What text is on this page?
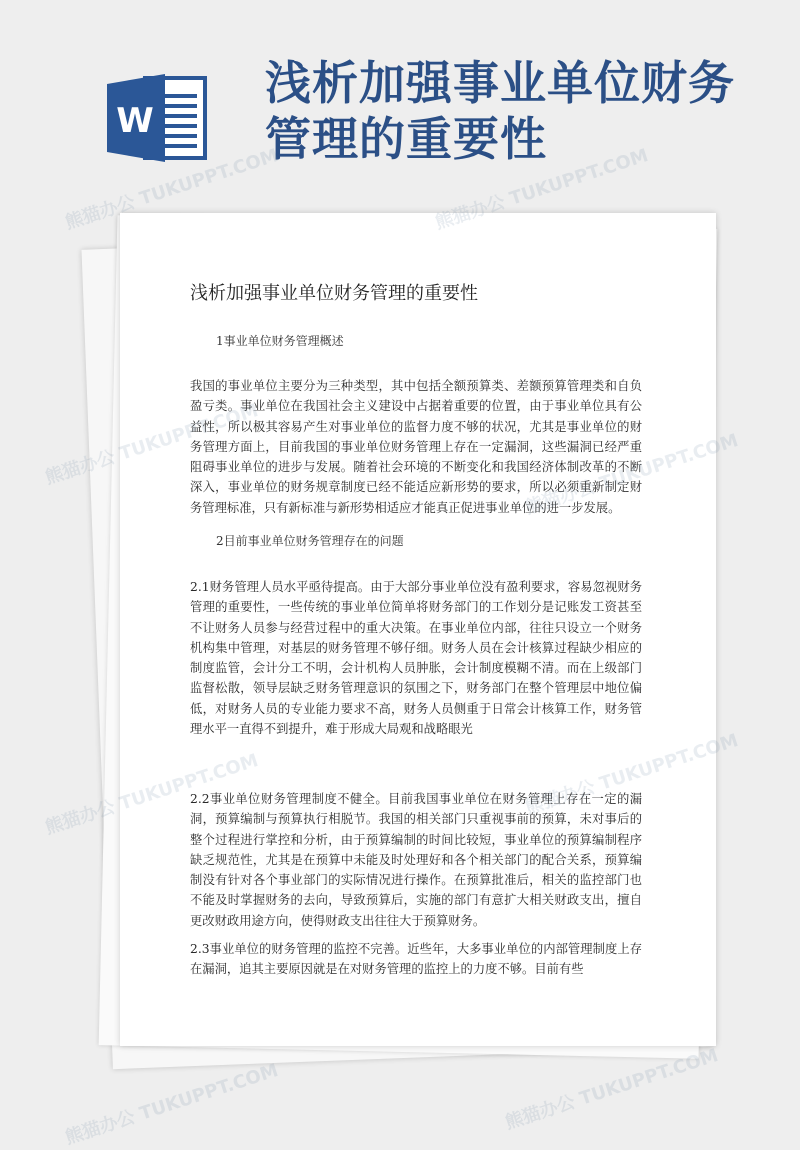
W
浅析加强事业单位财务管理的重要性
浅析加强事业单位财务管理的重要性

1事业单位财务管理概述

我国的事业单位主要分为三种类型，其中包括全额预算类、差额预算管理类和自负盈亏类。事业单位在我国社会主义建设中占据着重要的位置，由于事业单位具有公益性，所以极其容易产生对事业单位的监督力度不够的状况，尤其是事业单位的财务管理方面上，目前我国的事业单位财务管理上存在一定漏洞，这些漏洞已经严重阻碍事业单位的进步与发展。随着社会环境的不断变化和我国经济体制改革的不断深入，事业单位的财务规章制度已经不能适应新形势的要求，所以必须重新制定财务管理标准，只有新标准与新形势相适应才能真正促进事业单位的进一步发展。

2目前事业单位财务管理存在的问题

2.1财务管理人员水平亟待提高。由于大部分事业单位没有盈利要求，容易忽视财务管理的重要性，一些传统的事业单位简单将财务部门的工作划分是记账发工资甚至不让财务人员参与经营过程中的重大决策。在事业单位内部，往往只设立一个财务机构集中管理，对基层的财务管理不够仔细。财务人员在会计核算过程缺少相应的制度监管，会计分工不明，会计机构人员肿胀，会计制度模糊不清。而在上级部门监督松散，领导层缺乏财务管理意识的氛围之下，财务部门在整个管理层中地位偏低，对财务人员的专业能力要求不高，财务人员侧重于日常会计核算工作，财务管理水平一直得不到提升，难于形成大局观和战略眼光

2.2事业单位财务管理制度不健全。目前我国事业单位在财务管理上存在一定的漏洞，预算编制与预算执行相脱节。我国的相关部门只重视事前的预算，未对事后的整个过程进行掌控和分析，由于预算编制的时间比较短，事业单位的预算编制程序缺乏规范性，尤其是在预算中未能及时处理好和各个相关部门的配合关系，预算编制没有针对各个事业部门的实际情况进行操作。在预算批准后，相关的监控部门也不能及时掌握财务的去向，导致预算后，实施的部门有意扩大相关财政支出，擅自更改财政用途方向，使得财政支出往往大于预算财务。

2.3事业单位的财务管理的监控不完善。近些年，大多事业单位的内部管理制度上存在漏洞，追其主要原因就是在对财务管理的监控上的力度不够。目前有些

熊猫办公
熊猫办公
熊猫办公 TUKUPPT.COM	熊猫办公 TUKUPPT.COM
